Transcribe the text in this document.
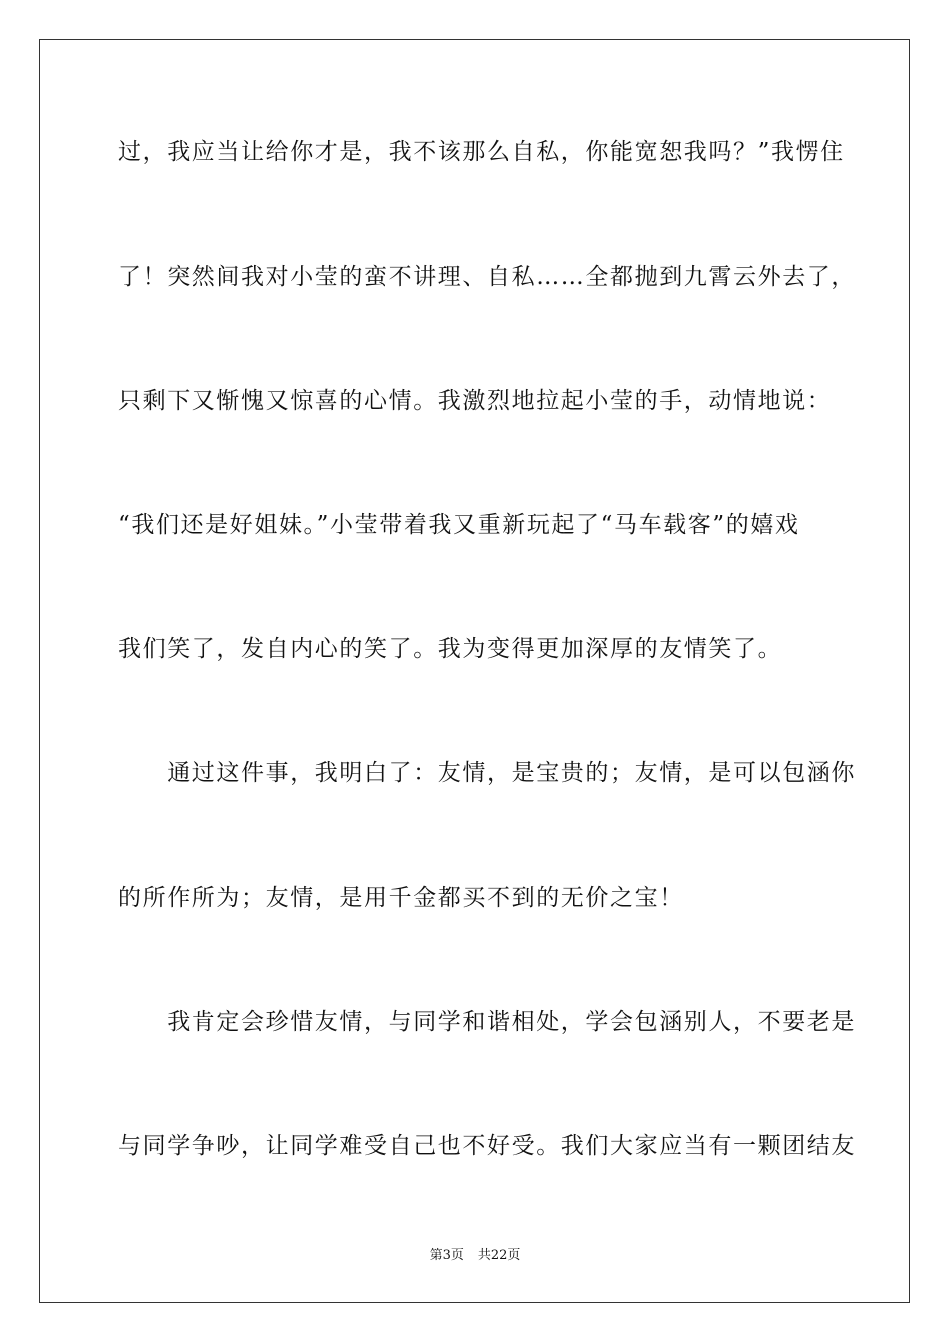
过，我应当让给你才是，我不该那么自私，你能宽恕我吗？”我愣住
了！突然间我对小莹的蛮不讲理、自私……全都抛到九霄云外去了，
只剩下又惭愧又惊喜的心情。我激烈地拉起小莹的手，动情地说：
“我们还是好姐妹。”小莹带着我又重新玩起了“马车载客”的嬉戏
我们笑了，发自内心的笑了。我为变得更加深厚的友情笑了。
　　通过这件事，我明白了：友情，是宝贵的；友情，是可以包涵你
的所作所为；友情，是用千金都买不到的无价之宝！
　　我肯定会珍惜友情，与同学和谐相处，学会包涵别人，不要老是
与同学争吵，让同学难受自己也不好受。我们大家应当有一颗团结友
第3页 共22页
